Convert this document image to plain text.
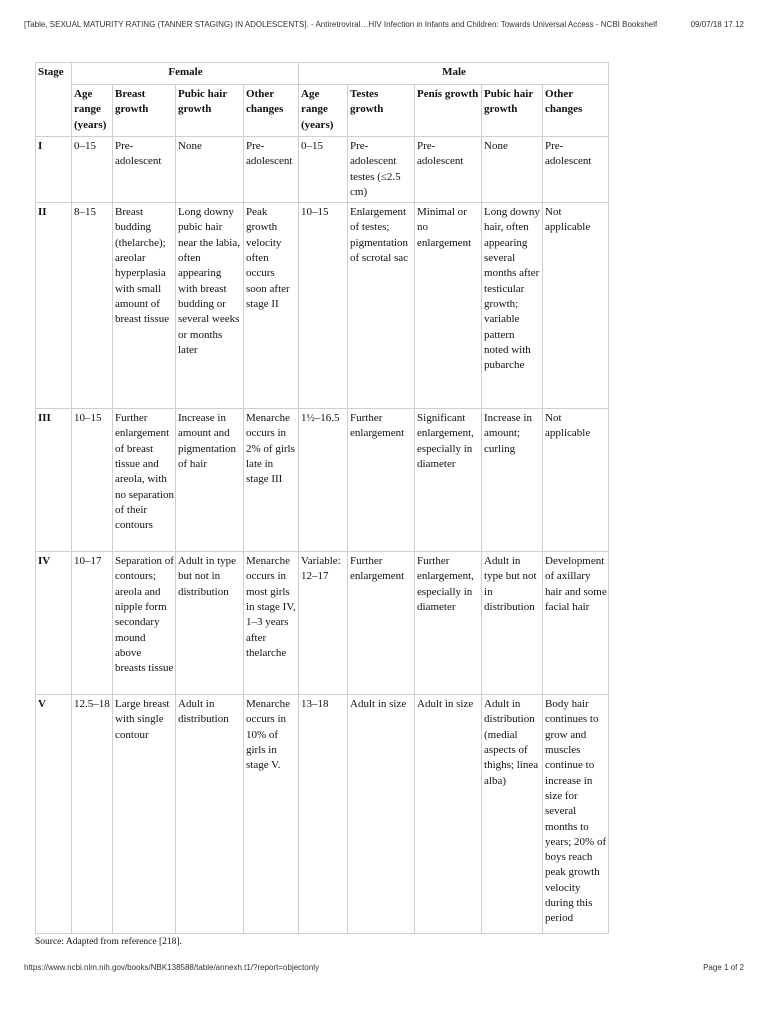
[Table, SEXUAL MATURITY RATING (TANNER STAGING) IN ADOLESCENTS]. - Antiretroviral…HIV Infection in Infants and Children: Towards Universal Access - NCBI Bookshelf	09/07/18 17.12
Stage	Female				Male				
	Age range (years)	Breast growth	Pubic hair growth	Other changes	Age range (years)	Testes growth	Penis growth	Pubic hair growth	Other changes
I	0–15	Pre-adolescent	None	Pre-adolescent	0–15	Pre-adolescent testes (≤2.5 cm)	Pre-adolescent	None	Pre-adolescent
II	8–15	Breast budding (thelarche); areolar hyperplasia with small amount of breast tissue	Long downy pubic hair near the labia, often appearing with breast budding or several weeks or months later	Peak growth velocity often occurs soon after stage II	10–15	Enlargement of testes; pigmentation of scrotal sac	Minimal or no enlargement	Long downy hair, often appearing several months after testicular growth; variable pattern noted with pubarche	Not applicable
III	10–15	Further enlargement of breast tissue and areola, with no separation of their contours	Increase in amount and pigmentation of hair	Menarche occurs in 2% of girls late in stage III	1½–16.5	Further enlargement	Significant enlargement, especially in diameter	Increase in amount; curling	Not applicable
IV	10–17	Separation of contours; areola and nipple form secondary mound above breasts tissue	Adult in type but not in distribution	Menarche occurs in most girls in stage IV, 1–3 years after thelarche	Variable: 12–17	Further enlargement	Further enlargement, especially in diameter	Adult in type but not in distribution	Development of axillary hair and some facial hair
V	12.5–18	Large breast with single contour	Adult in distribution	Menarche occurs in 10% of girls in stage V.	13–18	Adult in size	Adult in size	Adult in distribution (medial aspects of thighs; linea alba)	Body hair continues to grow and muscles continue to increase in size for several months to years; 20% of boys reach peak growth velocity during this period
Source: Adapted from reference [218].
https://www.ncbi.nlm.nih.gov/books/NBK138588/table/annexh.t1/?report=objectonly	Page 1 of 2
